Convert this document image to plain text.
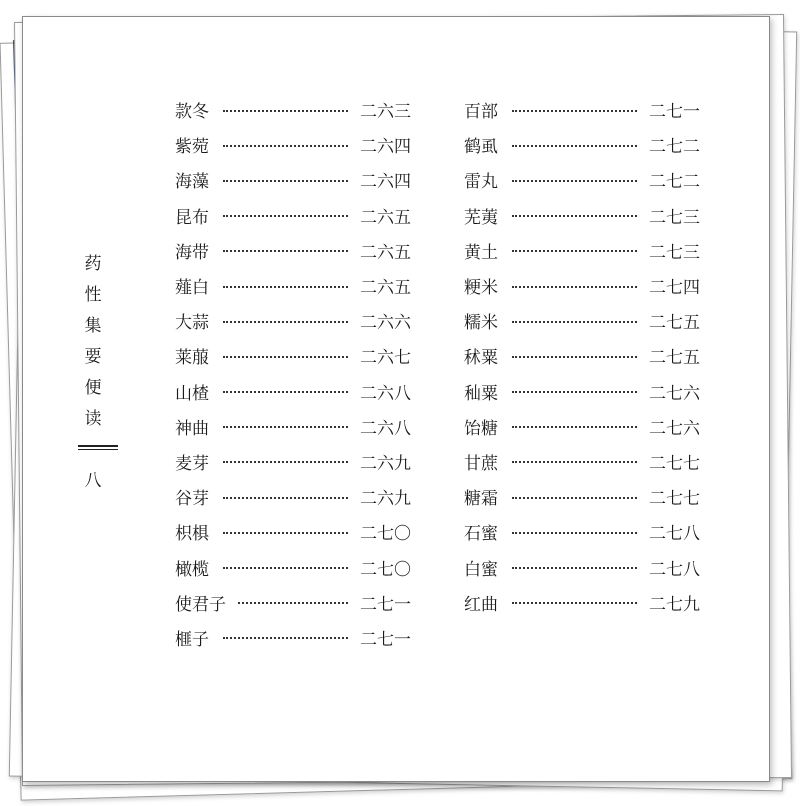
药性集要便读
八
款冬	二六三
紫菀	二六四
海藻	二六四
昆布	二六五
海带	二六五
薤白	二六五
大蒜	二六六
莱菔	二六七
山楂	二六八
神曲	二六八
麦芽	二六九
谷芽	二六九
枳椇	二七〇
橄榄	二七〇
使君子	二七一
榧子	二七一
百部	二七一
鹤虱	二七二
雷丸	二七二
芜荑	二七三
黄土	二七三
粳米	二七四
糯米	二七五
秫粟	二七五
秈粟	二七六
饴糖	二七六
甘蔗	二七七
糖霜	二七七
石蜜	二七八
白蜜	二七八
红曲	二七九
